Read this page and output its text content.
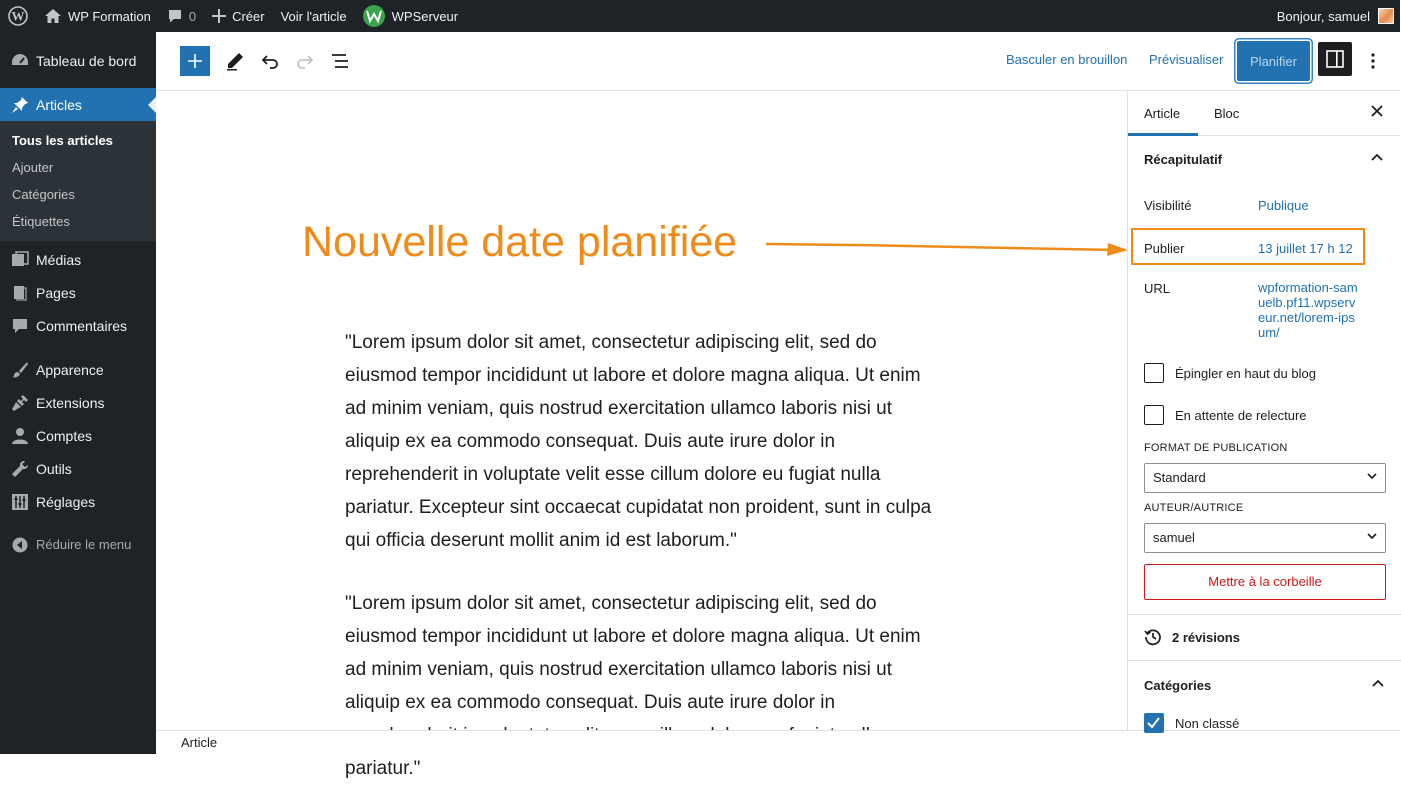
W	WP Formation	0	Créer Voir l'article	WPServeur	Bonjour, samuel
Tableau de bord
Articles
Tous les articles
Ajouter
Catégories
Étiquettes
Médias
Pages
Commentaires
Apparence
Extensions
Comptes
Outils
Réglages
Réduire le menu
Basculer en brouillon Prévisualiser	Planifier
Nouvelle date planifiée

"Lorem ipsum dolor sit amet, consectetur adipiscing elit, sed do eiusmod tempor incididunt ut labore et dolore magna aliqua. Ut enim ad minim veniam, quis nostrud exercitation ullamco laboris nisi ut aliquip ex ea commodo consequat. Duis aute irure dolor in reprehenderit in voluptate velit esse cillum dolore eu fugiat nulla pariatur. Excepteur sint occaecat cupidatat non proident, sunt in culpa qui officia deserunt mollit anim id est laborum."

"Lorem ipsum dolor sit amet, consectetur adipiscing elit, sed do eiusmod tempor incididunt ut labore et dolore magna aliqua. Ut enim ad minim veniam, quis nostrud exercitation ullamco laboris nisi ut aliquip ex ea commodo consequat. Duis aute irure dolor in pariatur."

Article
Article	Bloc
Récapitulatif
Visibilité	Publique
Publier	13 juillet 17 h 12
URL	wpformation-samuelb.pf11.wpserveur.net/lorem-ipsum/
Épingler en haut du blog
En attente de relecture
FORMAT DE PUBLICATION
Standard
AUTEUR/AUTRICE
samuel
Mettre à la corbeille
2 révisions
Catégories
Non classé
